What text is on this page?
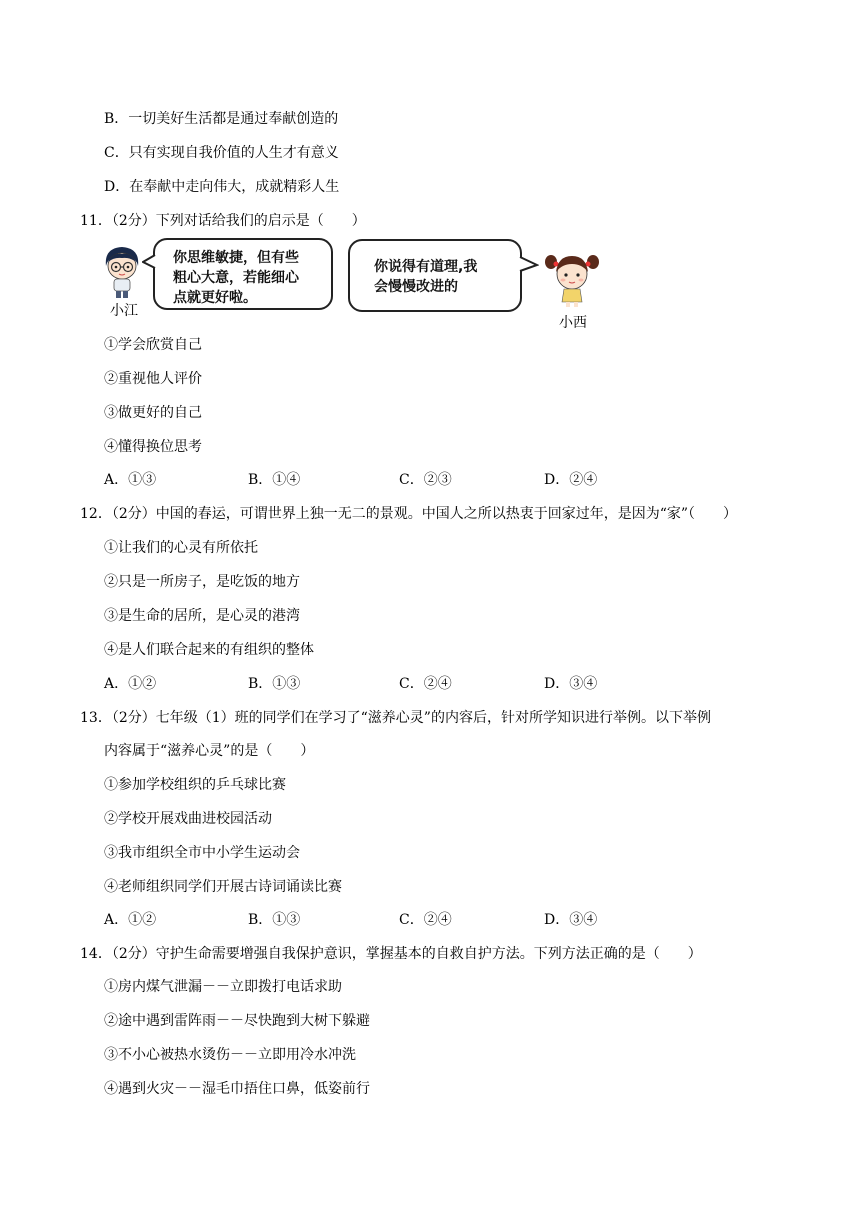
B．一切美好生活都是通过奉献创造的
C．只有实现自我价值的人生才有意义
D．在奉献中走向伟大，成就精彩人生
11．（2分）下列对话给我们的启示是（　　）
小江
你思维敏捷，但有些
粗心大意，若能细心
点就更好啦。
你说得有道理,我
会慢慢改进的
小西
①学会欣赏自己
②重视他人评价
③做更好的自己
④懂得换位思考
A．①③	B．①④	C．②③	D．②④
12．（2分）中国的春运，可谓世界上独一无二的景观。中国人之所以热衷于回家过年，是因为“家”（　　）
①让我们的心灵有所依托
②只是一所房子，是吃饭的地方
③是生命的居所，是心灵的港湾
④是人们联合起来的有组织的整体
A．①②	B．①③	C．②④	D．③④
13．（2分）七年级（1）班的同学们在学习了“滋养心灵”的内容后，针对所学知识进行举例。以下举例
内容属于“滋养心灵”的是（　　）
①参加学校组织的乒乓球比赛
②学校开展戏曲进校园活动
③我市组织全市中小学生运动会
④老师组织同学们开展古诗词诵读比赛
A．①②	B．①③	C．②④	D．③④
14．（2分）守护生命需要增强自我保护意识，掌握基本的自救自护方法。下列方法正确的是（　　）
①房内煤气泄漏－－立即拨打电话求助
②途中遇到雷阵雨－－尽快跑到大树下躲避
③不小心被热水烫伤－－立即用冷水冲洗
④遇到火灾－－湿毛巾捂住口鼻，低姿前行
